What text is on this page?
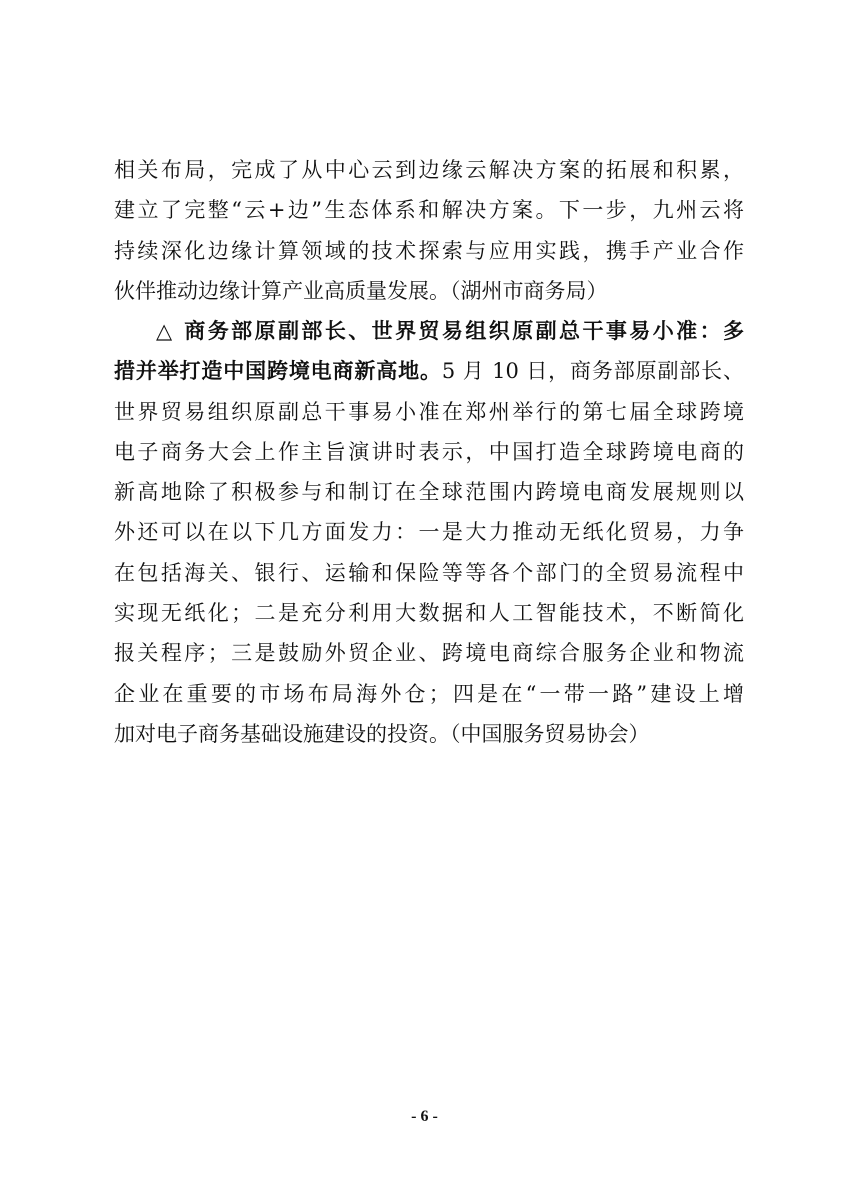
相关布局，完成了从中心云到边缘云解决方案的拓展和积累，
建立了完整“云+边”生态体系和解决方案。下一步，九州云将
持续深化边缘计算领域的技术探索与应用实践，携手产业合作
伙伴推动边缘计算产业高质量发展。（湖州市商务局）
△ 商务部原副部长、世界贸易组织原副总干事易小准：多
措并举打造中国跨境电商新高地。5 月 10 日，商务部原副部长、
世界贸易组织原副总干事易小准在郑州举行的第七届全球跨境
电子商务大会上作主旨演讲时表示，中国打造全球跨境电商的
新高地除了积极参与和制订在全球范围内跨境电商发展规则以
外还可以在以下几方面发力：一是大力推动无纸化贸易，力争
在包括海关、银行、运输和保险等等各个部门的全贸易流程中
实现无纸化；二是充分利用大数据和人工智能技术，不断简化
报关程序；三是鼓励外贸企业、跨境电商综合服务企业和物流
企业在重要的市场布局海外仓；四是在“一带一路”建设上增
加对电子商务基础设施建设的投资。（中国服务贸易协会）
- 6 -
